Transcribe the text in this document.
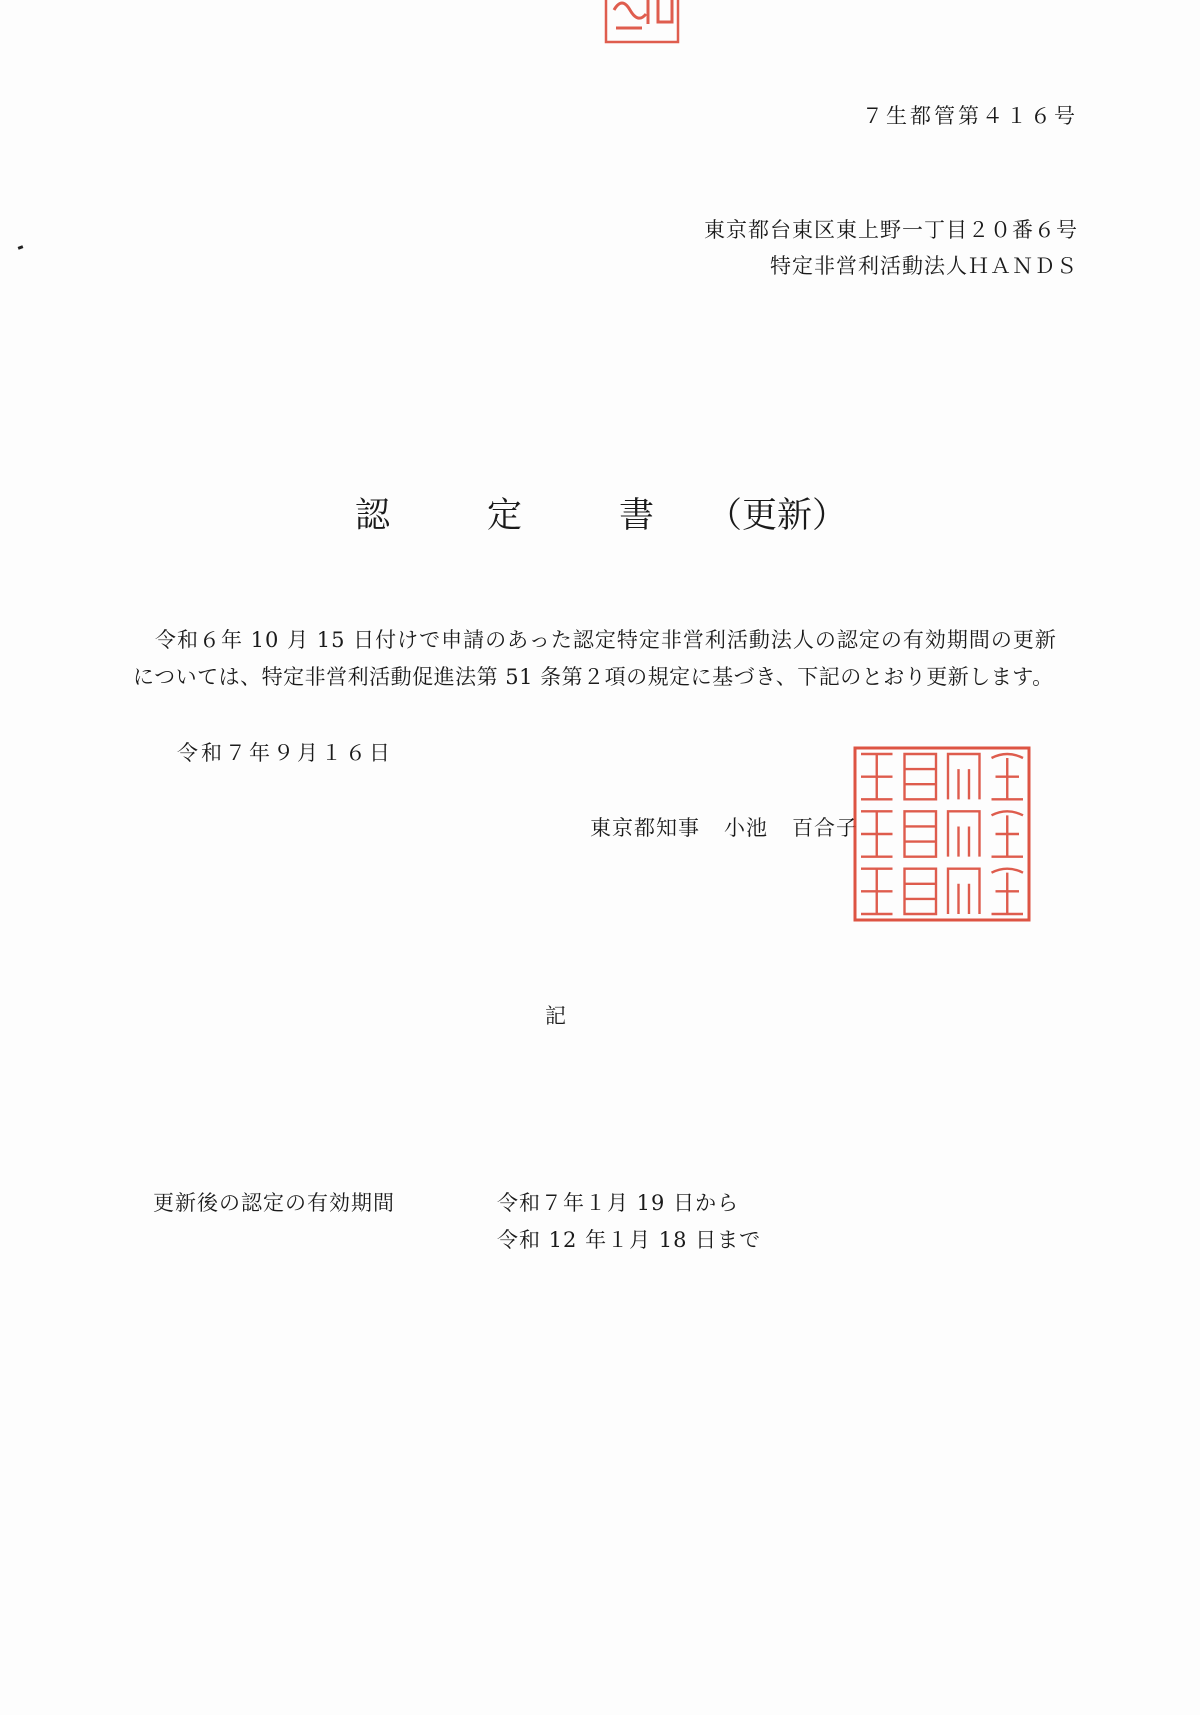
７生都管第４１６号
東京都台東区東上野一丁目２０番６号
特定非営利活動法人ＨＡＮＤＳ
認	定	書 （更新）
令和６年 10 月 15 日付けで申請のあった認定特定非営利活動法人の認定の有効期間の更新
については、特定非営利活動促進法第 51 条第２項の規定に基づき、下記のとおり更新します。
令和７年９月１６日
東京都知事 小池 百合子
記
更新後の認定の有効期間	令和７年１月 19 日から
令和 12 年１月 18 日まで
